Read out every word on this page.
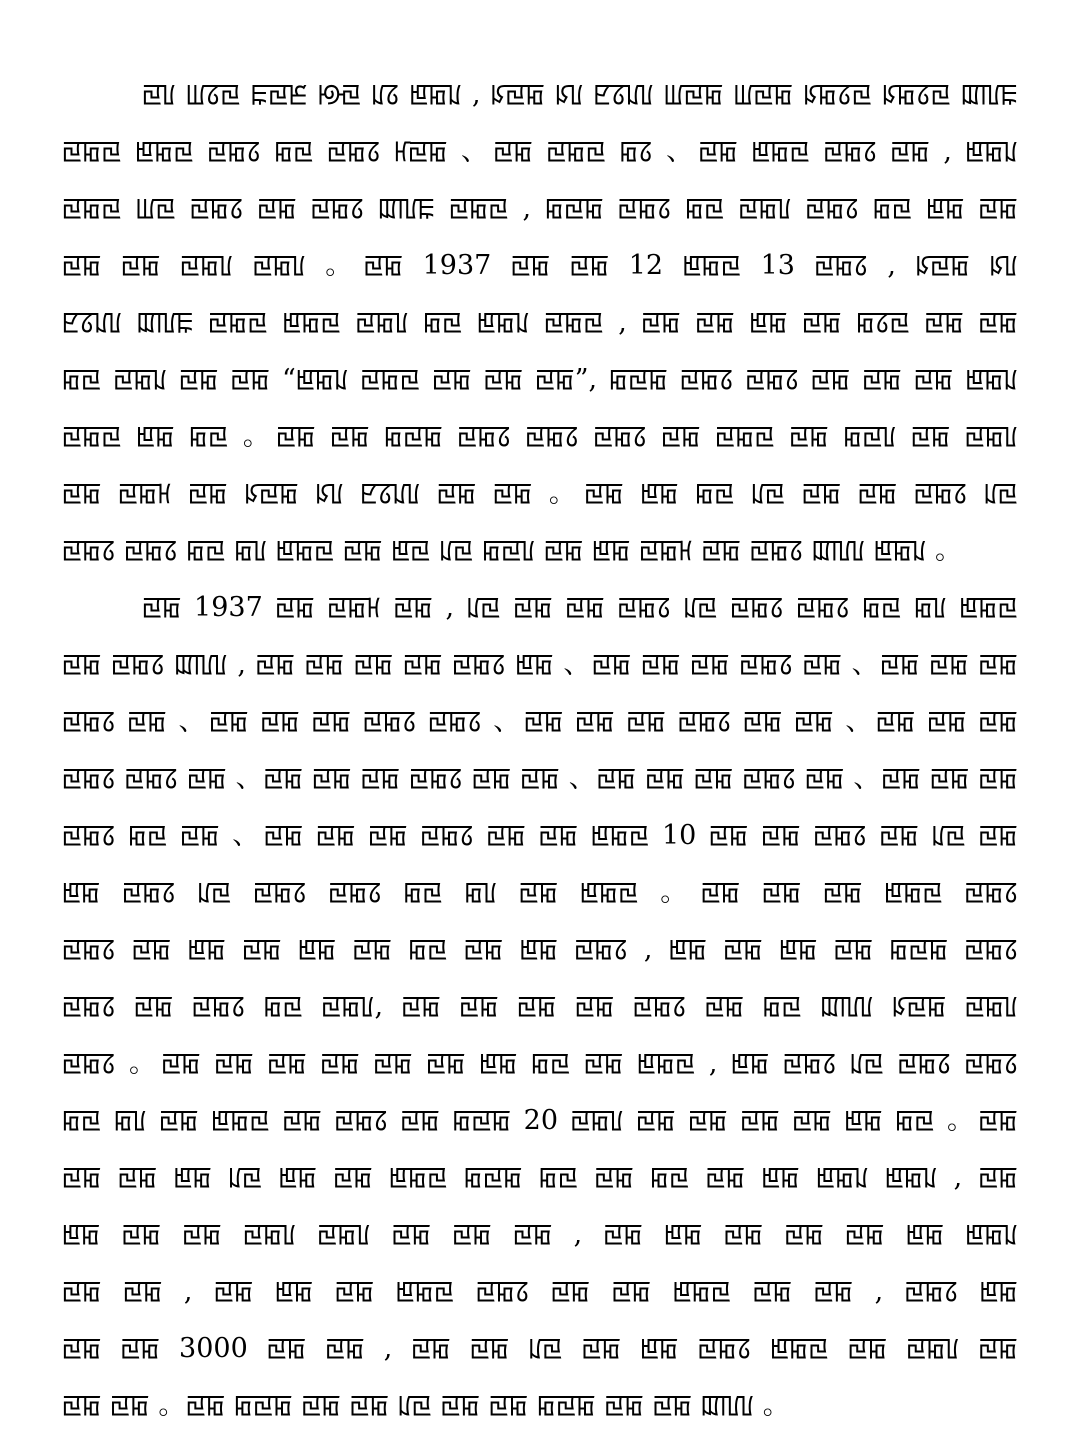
ꡙꡦ ꡆꡞꡙ ꡀꡙꡈ ꡟꡙ ꡊꡞ ꡁꡂꡊ , ꡯꡙꡂ ꡯꡦ ꡢꡞꡊꡦ ꡆꡙꡂ ꡆꡙꡂ ꡯꡂꡞꡙ ꡯꡂꡞꡙ ꡉꡃꡀ
ꡙꡂꡙ ꡁꡂꡙ ꡙꡂꡞ ꡂꡙ ꡙꡂꡞ ꡘꡙꡂ 、ꡙꡂ ꡙꡂꡙ ꡂꡞ 、ꡙꡂ ꡁꡂꡙ ꡙꡂꡞ ꡙꡂ , ꡁꡂꡊ
ꡙꡂꡙ ꡆꡙ ꡙꡂꡞ ꡙꡂ ꡙꡂꡞ ꡉꡃꡀ ꡙꡂꡙ , ꡂꡙꡂ ꡙꡂꡞ ꡂꡙ ꡙꡂꡦ ꡙꡂꡞ ꡂꡙ ꡁꡂ ꡙꡂ
ꡙꡂ ꡙꡂ ꡙꡂꡦ ꡙꡂꡦ 。ꡙꡂ 1937 ꡙꡂ ꡙꡂ 12 ꡁꡂꡙ 13 ꡙꡂꡞ , ꡯꡙꡂ ꡯꡦ
ꡢꡞꡊꡦ ꡉꡃꡀ ꡙꡂꡙ ꡁꡂꡙ ꡙꡂꡦ ꡂꡙ ꡁꡂꡊ ꡙꡂꡙ , ꡙꡂ ꡙꡂ ꡁꡂ ꡙꡂ ꡂꡞꡙ ꡙꡂ ꡙꡂ
ꡂꡙ ꡙꡂꡊ ꡙꡂ ꡙꡂ “ꡁꡂꡊ ꡙꡂꡙ ꡙꡂ ꡙꡂ ꡙꡂ”, ꡂꡙꡂ ꡙꡂꡞ ꡙꡂꡞ ꡙꡂ ꡙꡂ ꡙꡂ ꡁꡂꡊ
ꡙꡂꡙ ꡁꡂ ꡂꡙ 。ꡙꡂ ꡙꡂ ꡂꡙꡂ ꡙꡂꡞ ꡙꡂꡞ ꡙꡂꡞ ꡙꡂ ꡙꡂꡙ ꡙꡂ ꡂꡙꡦ ꡙꡂ ꡙꡂꡦ
ꡙꡂ ꡙꡂꡘ ꡙꡂ ꡯꡙꡂ ꡯꡦ ꡢꡞꡊꡦ ꡙꡂ ꡙꡂ 。ꡙꡂ ꡁꡂ ꡂꡙ ꡊꡙ ꡙꡂ ꡙꡂ ꡙꡂꡞ ꡊꡙ
ꡙꡂꡞ ꡙꡂꡞ ꡂꡙ ꡂꡦ ꡁꡂꡙ ꡙꡂ ꡁꡙ ꡊꡙ ꡂꡙꡦ ꡙꡂ ꡁꡂ ꡙꡂꡘ ꡙꡂ ꡙꡂꡞ ꡉꡃꡦ ꡁꡂꡊ 。
ꡙꡂ 1937 ꡙꡂ ꡙꡂꡘ ꡙꡂ , ꡊꡙ ꡙꡂ ꡙꡂ ꡙꡂꡞ ꡊꡙ ꡙꡂꡞ ꡙꡂꡞ ꡂꡙ ꡂꡦ ꡁꡂꡙ
ꡙꡂ ꡙꡂꡞ ꡉꡃꡦ , ꡙꡂ ꡙꡂ ꡙꡂ ꡙꡂ ꡙꡂꡞ ꡁꡂ 、ꡙꡂ ꡙꡂ ꡙꡂ ꡙꡂꡞ ꡙꡂ 、ꡙꡂ ꡙꡂ ꡙꡂ
ꡙꡂꡞ ꡙꡂ 、ꡙꡂ ꡙꡂ ꡙꡂ ꡙꡂꡞ ꡙꡂꡞ 、ꡙꡂ ꡙꡂ ꡙꡂ ꡙꡂꡞ ꡙꡂ ꡙꡂ 、ꡙꡂ ꡙꡂ ꡙꡂ
ꡙꡂꡞ ꡙꡂꡞ ꡙꡂ 、ꡙꡂ ꡙꡂ ꡙꡂ ꡙꡂꡞ ꡙꡂ ꡙꡂ 、ꡙꡂ ꡙꡂ ꡙꡂ ꡙꡂꡞ ꡙꡂ 、ꡙꡂ ꡙꡂ ꡙꡂ
ꡙꡂꡞ ꡂꡙ ꡙꡂ 、ꡙꡂ ꡙꡂ ꡙꡂ ꡙꡂꡞ ꡙꡂ ꡙꡂ ꡁꡂꡙ 10 ꡙꡂ ꡙꡂ ꡙꡂꡞ ꡙꡂ ꡊꡙ ꡙꡂ
ꡁꡂ ꡙꡂꡞ ꡊꡙ ꡙꡂꡞ ꡙꡂꡞ ꡂꡙ ꡂꡦ ꡙꡂ ꡁꡂꡙ 。ꡙꡂ ꡙꡂ ꡙꡂ ꡁꡂꡙ ꡙꡂꡞ
ꡙꡂꡞ ꡙꡂ ꡁꡂ ꡙꡂ ꡁꡂ ꡙꡂ ꡂꡙ ꡙꡂ ꡁꡂ ꡙꡂꡞ , ꡁꡂ ꡙꡂ ꡁꡂ ꡙꡂ ꡂꡙꡂ ꡙꡂꡞ
ꡙꡂꡞ ꡙꡂ ꡙꡂꡞ ꡂꡙ ꡙꡂꡦ, ꡙꡂ ꡙꡂ ꡙꡂ ꡙꡂ ꡙꡂꡞ ꡙꡂ ꡂꡙ ꡉꡃꡦ ꡯꡙꡂ ꡙꡂꡦ
ꡙꡂꡞ 。ꡙꡂ ꡙꡂ ꡙꡂ ꡙꡂ ꡙꡂ ꡙꡂ ꡁꡂ ꡂꡙ ꡙꡂ ꡁꡂꡙ , ꡁꡂ ꡙꡂꡞ ꡊꡙ ꡙꡂꡞ ꡙꡂꡞ
ꡂꡙ ꡂꡦ ꡙꡂ ꡁꡂꡙ ꡙꡂ ꡙꡂꡞ ꡙꡂ ꡂꡙꡂ 20 ꡙꡂꡦ ꡙꡂ ꡙꡂ ꡙꡂ ꡙꡂ ꡁꡂ ꡂꡙ 。ꡙꡂ
ꡙꡂ ꡙꡂ ꡁꡂ ꡊꡙ ꡁꡂ ꡙꡂ ꡁꡂꡙ ꡂꡙꡂ ꡂꡙ ꡙꡂ ꡂꡙ ꡙꡂ ꡁꡂ ꡁꡂꡊ ꡁꡂꡊ , ꡙꡂ
ꡁꡂ ꡙꡂ ꡙꡂ ꡙꡂꡦ ꡙꡂꡦ ꡙꡂ ꡙꡂ ꡙꡂ , ꡙꡂ ꡁꡂ ꡙꡂ ꡙꡂ ꡙꡂ ꡁꡂ ꡁꡂꡊ
ꡙꡂ ꡙꡂ , ꡙꡂ ꡁꡂ ꡙꡂ ꡁꡂꡙ ꡙꡂꡞ ꡙꡂ ꡙꡂ ꡁꡂꡙ ꡙꡂ ꡙꡂ , ꡙꡂꡞ ꡁꡂ
ꡙꡂ ꡙꡂ 3000 ꡙꡂ ꡙꡂ , ꡙꡂ ꡙꡂ ꡊꡙ ꡙꡂ ꡁꡂ ꡙꡂꡞ ꡁꡂꡙ ꡙꡂ ꡙꡂꡦ ꡙꡂ
ꡙꡂ ꡙꡂ 。ꡙꡂ ꡂꡙꡂ ꡙꡂ ꡙꡂ ꡊꡙ ꡙꡂ ꡙꡂ ꡂꡙꡂ ꡙꡂ ꡙꡂ ꡉꡃꡦ 。
